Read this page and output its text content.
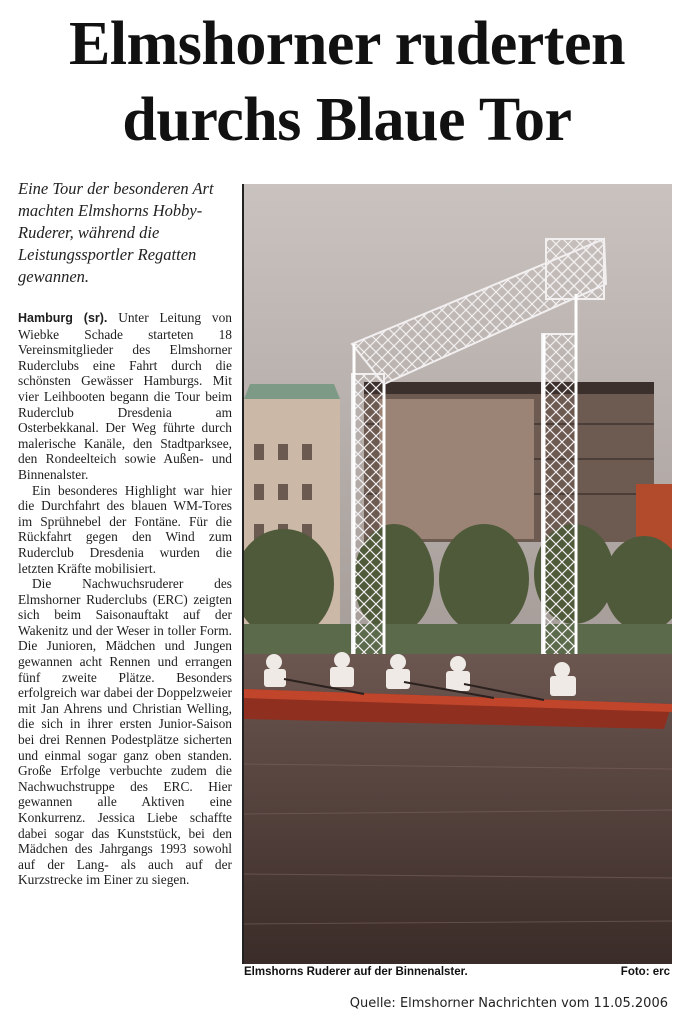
Elmshorner ruderten
durchs Blaue Tor
Eine Tour der besonderen Art machten Elmshorns Hobby-Ruderer, während die Leistungssportler Regatten gewannen.

Hamburg (sr). Unter Leitung von Wiebke Schade starteten 18 Vereinsmitglieder des Elmshorner Ruderclubs eine Fahrt durch die schönsten Gewässer Hamburgs. Mit vier Leihbooten begann die Tour beim Ruderclub Dresdenia am Osterbekkanal. Der Weg führte durch malerische Kanäle, den Stadtparksee, den Rondeelteich sowie Außen- und Binnenalster.

Ein besonderes Highlight war hier die Durchfahrt des blauen WM-Tores im Sprühnebel der Fontäne. Für die Rückfahrt gegen den Wind zum Ruderclub Dresdenia wurden die letzten Kräfte mobilisiert.

Die Nachwuchsruderer des Elmshorner Ruderclubs (ERC) zeigten sich beim Saisonauftakt auf der Wakenitz und der Weser in toller Form. Die Junioren, Mädchen und Jungen gewannen acht Rennen und errangen fünf zweite Plätze. Besonders erfolgreich war dabei der Doppelzweier mit Jan Ahrens und Christian Welling, die sich in ihrer ersten Junior-Saison bei drei Rennen Podestplätze sicherten und einmal sogar ganz oben standen. Große Erfolge verbuchte zudem die Nachwuchstruppe des ERC. Hier gewannen alle Aktiven eine Konkurrenz. Jessica Liebe schaffte dabei sogar das Kunststück, bei den Mädchen des Jahrgangs 1993 sowohl auf der Lang- als auch auf der Kurzstrecke im Einer zu siegen.

Elmshorns Ruderer auf der Binnenalster.	Foto: erc
Quelle: Elmshorner Nachrichten vom 11.05.2006
